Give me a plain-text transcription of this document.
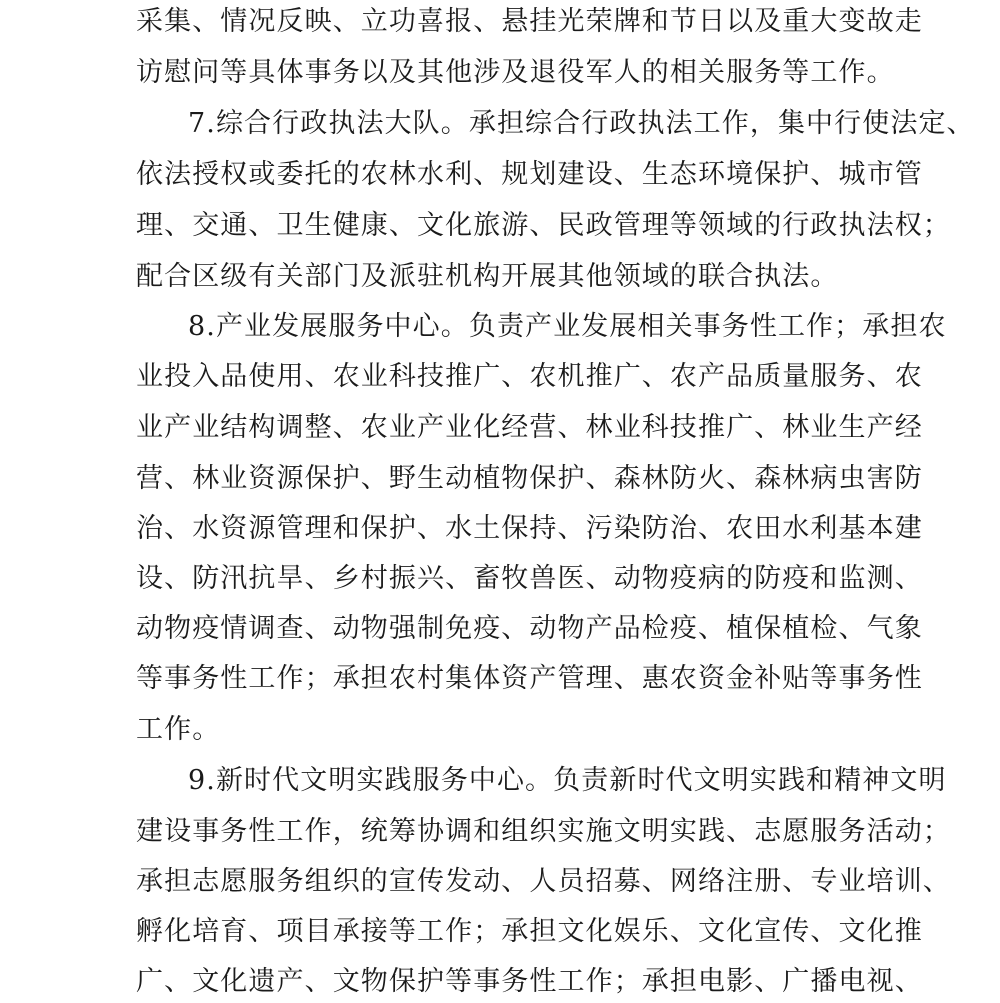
采集、情况反映、立功喜报、悬挂光荣牌和节日以及重大变故走
访慰问等具体事务以及其他涉及退役军人的相关服务等工作。
7.综合行政执法大队。承担综合行政执法工作，集中行使法定、
依法授权或委托的农林水利、规划建设、生态环境保护、城市管
理、交通、卫生健康、文化旅游、民政管理等领域的行政执法权；
配合区级有关部门及派驻机构开展其他领域的联合执法。
8.产业发展服务中心。负责产业发展相关事务性工作；承担农
业投入品使用、农业科技推广、农机推广、农产品质量服务、农
业产业结构调整、农业产业化经营、林业科技推广、林业生产经
营、林业资源保护、野生动植物保护、森林防火、森林病虫害防
治、水资源管理和保护、水土保持、污染防治、农田水利基本建
设、防汛抗旱、乡村振兴、畜牧兽医、动物疫病的防疫和监测、
动物疫情调查、动物强制免疫、动物产品检疫、植保植检、气象
等事务性工作；承担农村集体资产管理、惠农资金补贴等事务性
工作。
9.新时代文明实践服务中心。负责新时代文明实践和精神文明
建设事务性工作，统筹协调和组织实施文明实践、志愿服务活动；
承担志愿服务组织的宣传发动、人员招募、网络注册、专业培训、
孵化培育、项目承接等工作；承担文化娱乐、文化宣传、文化推
广、文化遗产、文物保护等事务性工作；承担电影、广播电视、
